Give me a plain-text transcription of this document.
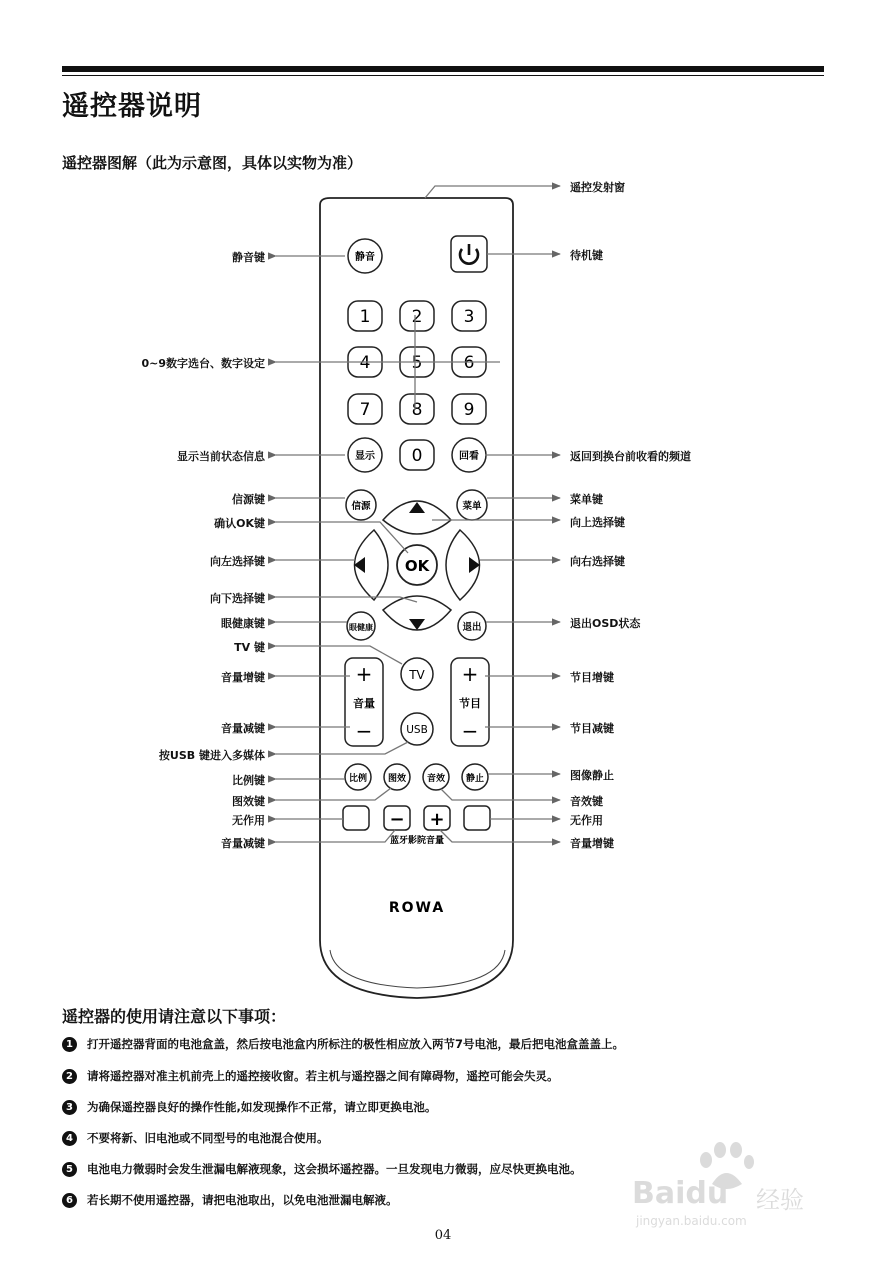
遥控器说明
遥控器图解（此为示意图，具体以实物为准）
静音
1 2 3
4 5 6
7 8 9
0
显示	回看
信源	菜单
OK
眼健康	退出
+
音量
−
+
节目
−
TV
USB
比例 图效 音效 静止
− +
蓝牙影院音量
ROWA
静音键
0~9数字选台、数字设定
显示当前状态信息
信源键
确认OK键
向左选择键
向下选择键
眼健康键
TV 键
音量增键
音量减键
按USB 键进入多媒体
比例键
图效键
无作用
音量减键
遥控发射窗
待机键
返回到换台前收看的频道
菜单键
向上选择键
向右选择键
退出OSD状态
节目增键
节目减键
图像静止
音效键
无作用
音量增键
遥控器的使用请注意以下事项：
1 打开遥控器背面的电池盒盖，然后按电池盒内所标注的极性相应放入两节7号电池，最后把电池盒盖盖上。
2 请将遥控器对准主机前壳上的遥控接收窗。若主机与遥控器之间有障碍物，遥控可能会失灵。
3 为确保遥控器良好的操作性能,如发现操作不正常，请立即更换电池。
4 不要将新、旧电池或不同型号的电池混合使用。
5 电池电力微弱时会发生泄漏电解液现象，这会损坏遥控器。一旦发现电力微弱，应尽快更换电池。
6 若长期不使用遥控器，请把电池取出，以免电池泄漏电解液。	Baidu 经验
jingyan.baidu.com
04
